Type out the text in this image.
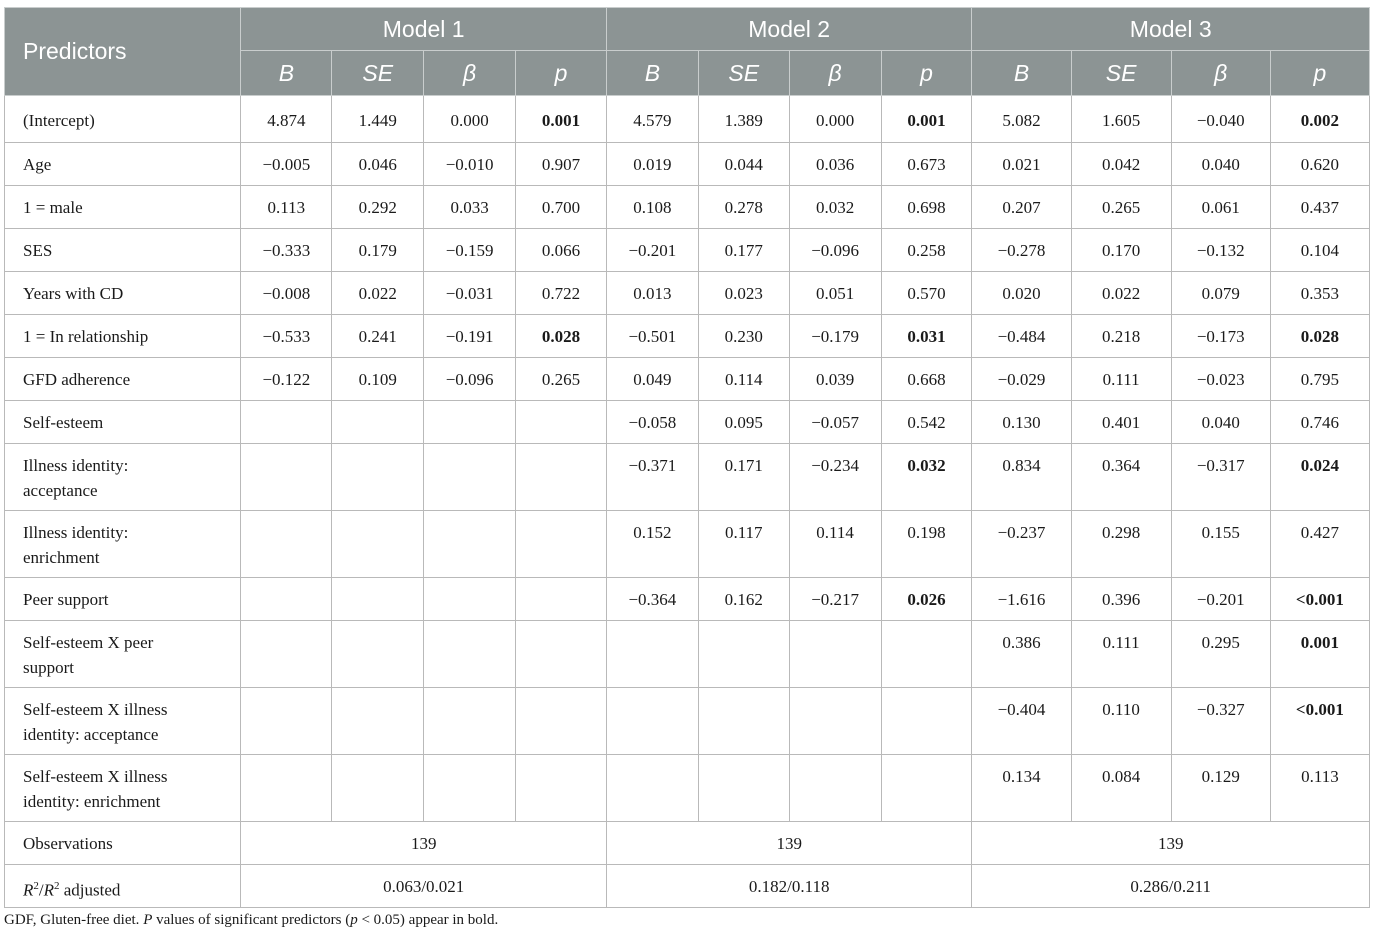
Predictors	Model 1				Model 2				Model 3			
	B	SE	β	p	B	SE	β	p	B	SE	β	p
(Intercept)	4.874	1.449	0.000	0.001	4.579	1.389	0.000	0.001	5.082	1.605	−0.040	0.002
Age	−0.005	0.046	−0.010	0.907	0.019	0.044	0.036	0.673	0.021	0.042	0.040	0.620
1 = male	0.113	0.292	0.033	0.700	0.108	0.278	0.032	0.698	0.207	0.265	0.061	0.437
SES	−0.333	0.179	−0.159	0.066	−0.201	0.177	−0.096	0.258	−0.278	0.170	−0.132	0.104
Years with CD	−0.008	0.022	−0.031	0.722	0.013	0.023	0.051	0.570	0.020	0.022	0.079	0.353
1 = In relationship	−0.533	0.241	−0.191	0.028	−0.501	0.230	−0.179	0.031	−0.484	0.218	−0.173	0.028
GFD adherence	−0.122	0.109	−0.096	0.265	0.049	0.114	0.039	0.668	−0.029	0.111	−0.023	0.795
Self-esteem					−0.058	0.095	−0.057	0.542	0.130	0.401	0.040	0.746
Illness identity:
acceptance					−0.371	0.171	−0.234	0.032	0.834	0.364	−0.317	0.024
Illness identity:
enrichment					0.152	0.117	0.114	0.198	−0.237	0.298	0.155	0.427
Peer support					−0.364	0.162	−0.217	0.026	−1.616	0.396	−0.201	<0.001
Self-esteem X peer
support									0.386	0.111	0.295	0.001
Self-esteem X illness
identity: acceptance									−0.404	0.110	−0.327	<0.001
Self-esteem X illness
identity: enrichment									0.134	0.084	0.129	0.113
Observations	139				139				139			
$R^2/R^2$ adjusted	0.063/0.021				0.182/0.118				0.286/0.211			
GDF, Gluten-free diet. P values of significant predictors (p < 0.05) appear in bold.
